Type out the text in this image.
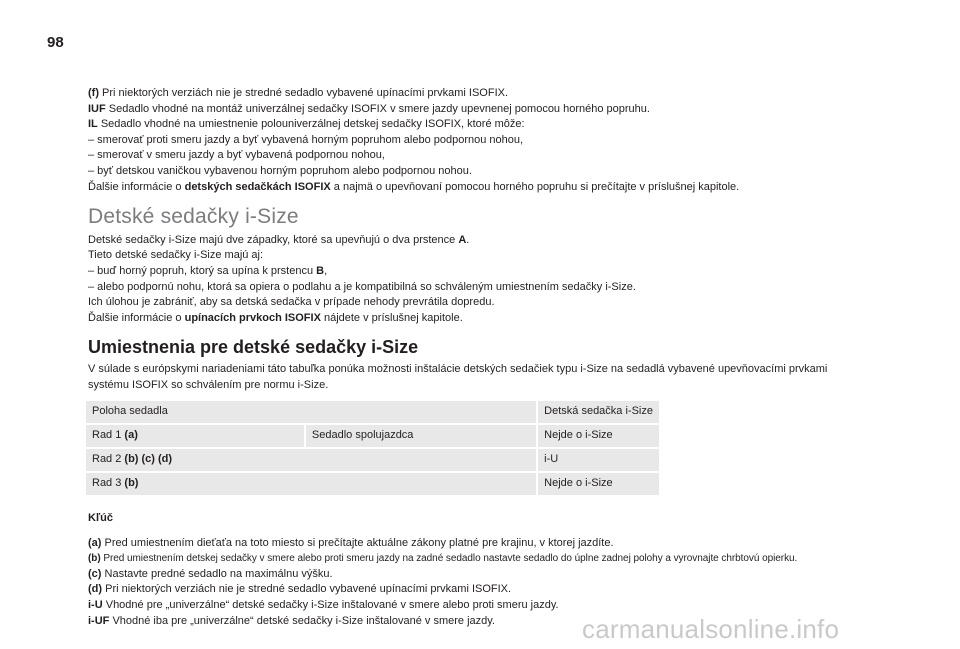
98
(f) Pri niektorých verziách nie je stredné sedadlo vybavené upínacími prvkami ISOFIX.
IUF Sedadlo vhodné na montáž univerzálnej sedačky ISOFIX v smere jazdy upevnenej pomocou horného popruhu.
IL Sedadlo vhodné na umiestnenie polouniverzálnej detskej sedačky ISOFIX, ktoré môže:
– smerovať proti smeru jazdy a byť vybavená horným popruhom alebo podpornou nohou,
– smerovať v smeru jazdy a byť vybavená podpornou nohou,
– byť detskou vaničkou vybavenou horným popruhom alebo podpornou nohou.
Ďalšie informácie o detských sedačkách ISOFIX a najmä o upevňovaní pomocou horného popruhu si prečítajte v príslušnej kapitole.
Detské sedačky i-Size
Detské sedačky i-Size majú dve západky, ktoré sa upevňujú o dva prstence A.
Tieto detské sedačky i-Size majú aj:
– buď horný popruh, ktorý sa upína k prstencu B,
– alebo podpornú nohu, ktorá sa opiera o podlahu a je kompatibilná so schváleným umiestnením sedačky i-Size.
Ich úlohou je zabrániť, aby sa detská sedačka v prípade nehody prevrátila dopredu.
Ďalšie informácie o upínacích prvkoch ISOFIX nájdete v príslušnej kapitole.
Umiestnenia pre detské sedačky i-Size
V súlade s európskymi nariadeniami táto tabuľka ponúka možnosti inštalácie detských sedačiek typu i-Size na sedadlá vybavené upevňovacími prvkami
systému ISOFIX so schválením pre normu i-Size.
Poloha sedadla		Detská sedačka i-Size
Rad 1 (a)	Sedadlo spolujazdca	Nejde o i-Size
Rad 2 (b) (c) (d)		i-U
Rad 3 (b)		Nejde o i-Size
Kľúč
(a) Pred umiestnením dieťaťa na toto miesto si prečítajte aktuálne zákony platné pre krajinu, v ktorej jazdíte.
(b) Pred umiestnením detskej sedačky v smere alebo proti smeru jazdy na zadné sedadlo nastavte sedadlo do úplne zadnej polohy a vyrovnajte chrbtovú opierku.
(c) Nastavte predné sedadlo na maximálnu výšku.
(d) Pri niektorých verziách nie je stredné sedadlo vybavené upínacími prvkami ISOFIX.
i-U Vhodné pre „univerzálne“ detské sedačky i-Size inštalované v smere alebo proti smeru jazdy.
i-UF Vhodné iba pre „univerzálne“ detské sedačky i-Size inštalované v smere jazdy.	carmanualsonline.info
